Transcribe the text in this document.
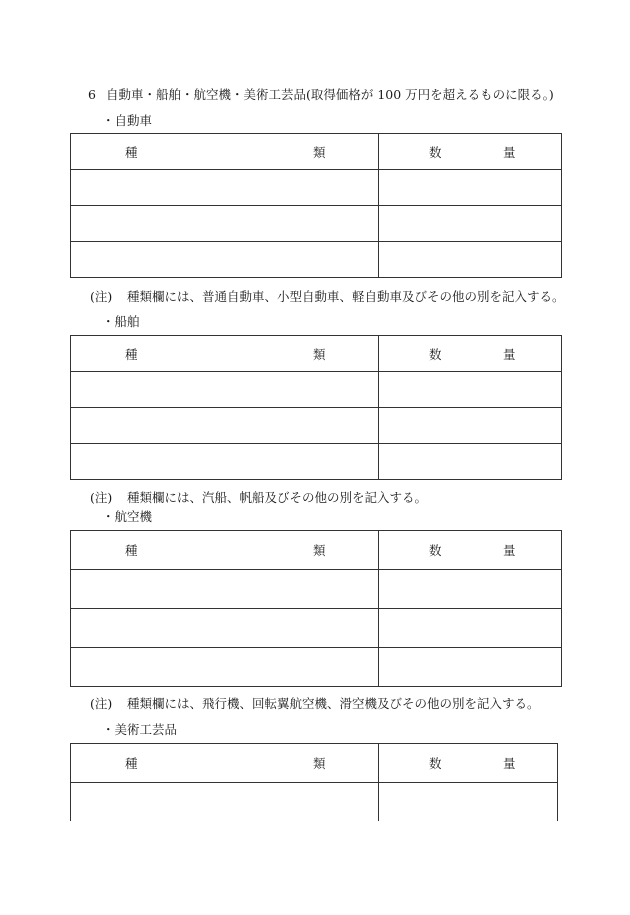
6 自動車・船舶・航空機・美術工芸品(取得価格が 100 万円を超えるものに限る。)
・自動車
種 類	数 量

(注) 種類欄には、普通自動車、小型自動車、軽自動車及びその他の別を記入する。
・船舶
種 類	数 量

(注) 種類欄には、汽船、帆船及びその他の別を記入する。
・航空機
種 類	数 量

(注) 種類欄には、飛行機、回転翼航空機、滑空機及びその他の別を記入する。
・美術工芸品
種 類	数 量
